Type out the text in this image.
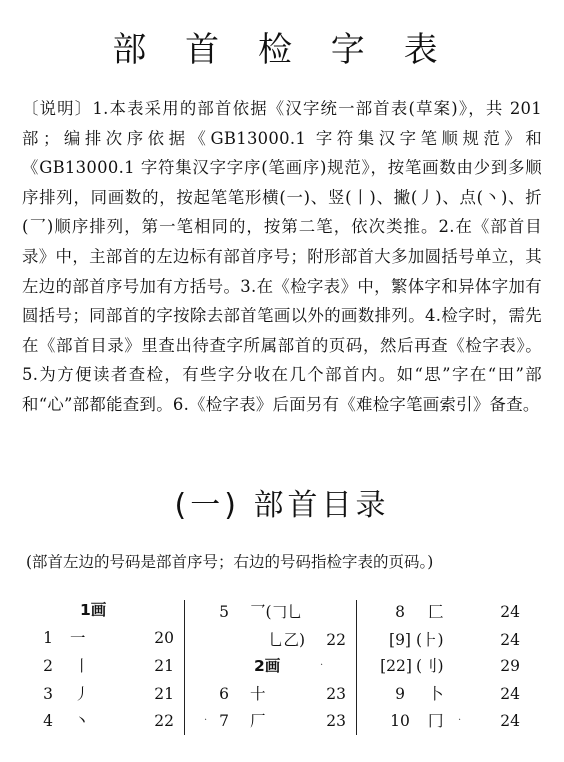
部 首 检 字 表
〔说明〕1.本表采用的部首依据《汉字统一部首表(草案)》，共 201 部；编排次序依据《GB13000.1 字符集汉字笔顺规范》和《GB13000.1 字符集汉字字序(笔画序)规范》，按笔画数由少到多顺序排列，同画数的，按起笔笔形横(一)、竖(丨)、撇(丿)、点(丶)、折(乛)顺序排列，第一笔相同的，按第二笔，依次类推。2.在《部首目录》中，主部首的左边标有部首序号；附形部首大多加圆括号单立，其左边的部首序号加有方括号。3.在《检字表》中，繁体字和异体字加有圆括号；同部首的字按除去部首笔画以外的画数排列。4.检字时，需先在《部首目录》里查出待查字所属部首的页码，然后再查《检字表》。5.为方便读者查检，有些字分收在几个部首内。如“思”字在“田”部和“心”部都能查到。6.《检字表》后面另有《难检字笔画索引》备查。
(一) 部首目录
(部首左边的号码是部首序号；右边的号码指检字表的页码。)
1画
1	一	20
2	丨	21
3	丿	21
4	丶	22
5	乛(𠃌乚
乚乙)	22
2画	·
6	十	23
· 7	厂	23
8	匚	24
[9] (⺊)	24
[22] (刂)	29
9	卜	24
10	冂 ·	24
